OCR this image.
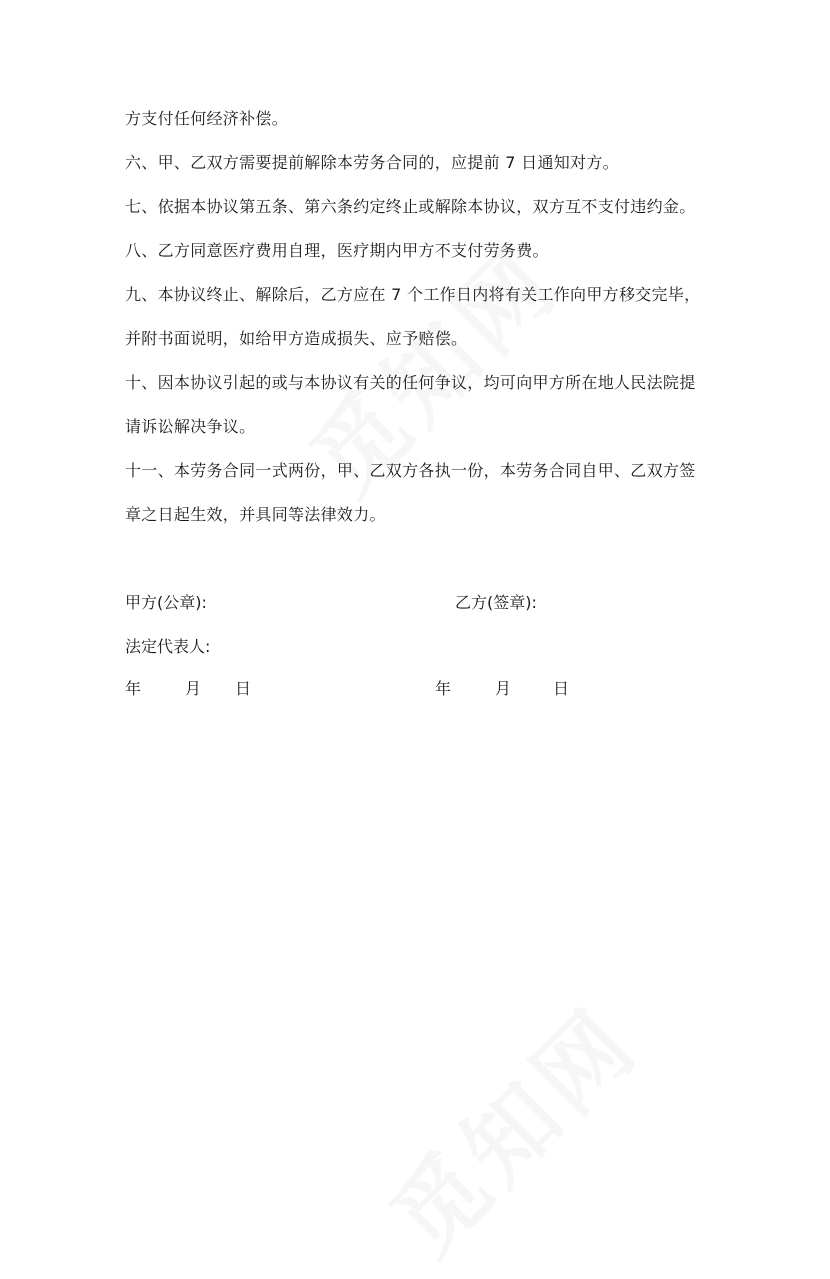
方支付任何经济补偿。

六、甲、乙双方需要提前解除本劳务合同的，应提前 7 日通知对方。

七、依据本协议第五条、第六条约定终止或解除本协议，双方互不支付违约金。

八、乙方同意医疗费用自理，医疗期内甲方不支付劳务费。

九、本协议终止、解除后，乙方应在 7 个工作日内将有关工作向甲方移交完毕，
并附书面说明，如给甲方造成损失、应予赔偿。

十、因本协议引起的或与本协议有关的任何争议，均可向甲方所在地人民法院提
请诉讼解决争议。

十一、本劳务合同一式两份，甲、乙双方各执一份，本劳务合同自甲、乙双方签
章之日起生效，并具同等法律效力。

甲方(公章):	乙方(签章):
法定代表人:
年	月 日	年	月	日
